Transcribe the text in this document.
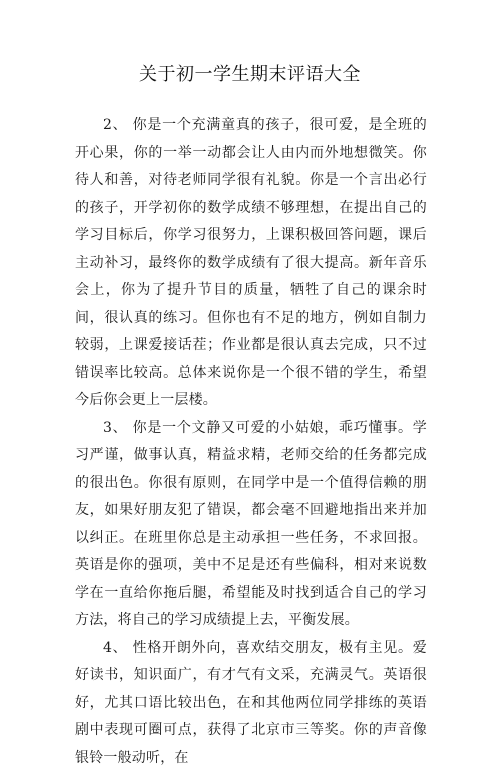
关于初一学生期末评语大全

2、 你是一个充满童真的孩子，很可爱，是全班的开心果，你的一举一动都会让人由内而外地想微笑。你待人和善，对待老师同学很有礼貌。你是一个言出必行的孩子，开学初你的数学成绩不够理想，在提出自己的学习目标后，你学习很努力，上课积极回答问题，课后主动补习，最终你的数学成绩有了很大提高。新年音乐会上，你为了提升节目的质量，牺牲了自己的课余时间，很认真的练习。但你也有不足的地方，例如自制力较弱，上课爱接话茬；作业都是很认真去完成，只不过错误率比较高。总体来说你是一个很不错的学生，希望今后你会更上一层楼。

3、 你是一个文静又可爱的小姑娘，乖巧懂事。学习严谨，做事认真，精益求精，老师交给的任务都完成的很出色。你很有原则，在同学中是一个值得信赖的朋友，如果好朋友犯了错误，都会毫不回避地指出来并加以纠正。在班里你总是主动承担一些任务，不求回报。英语是你的强项，美中不足是还有些偏科，相对来说数学在一直给你拖后腿，希望能及时找到适合自己的学习方法，将自己的学习成绩提上去，平衡发展。

4、 性格开朗外向，喜欢结交朋友，极有主见。爱好读书，知识面广，有才气有文采，充满灵气。英语很好，尤其口语比较出色，在和其他两位同学排练的英语剧中表现可圈可点，获得了北京市三等奖。你的声音像银铃一般动听，在
